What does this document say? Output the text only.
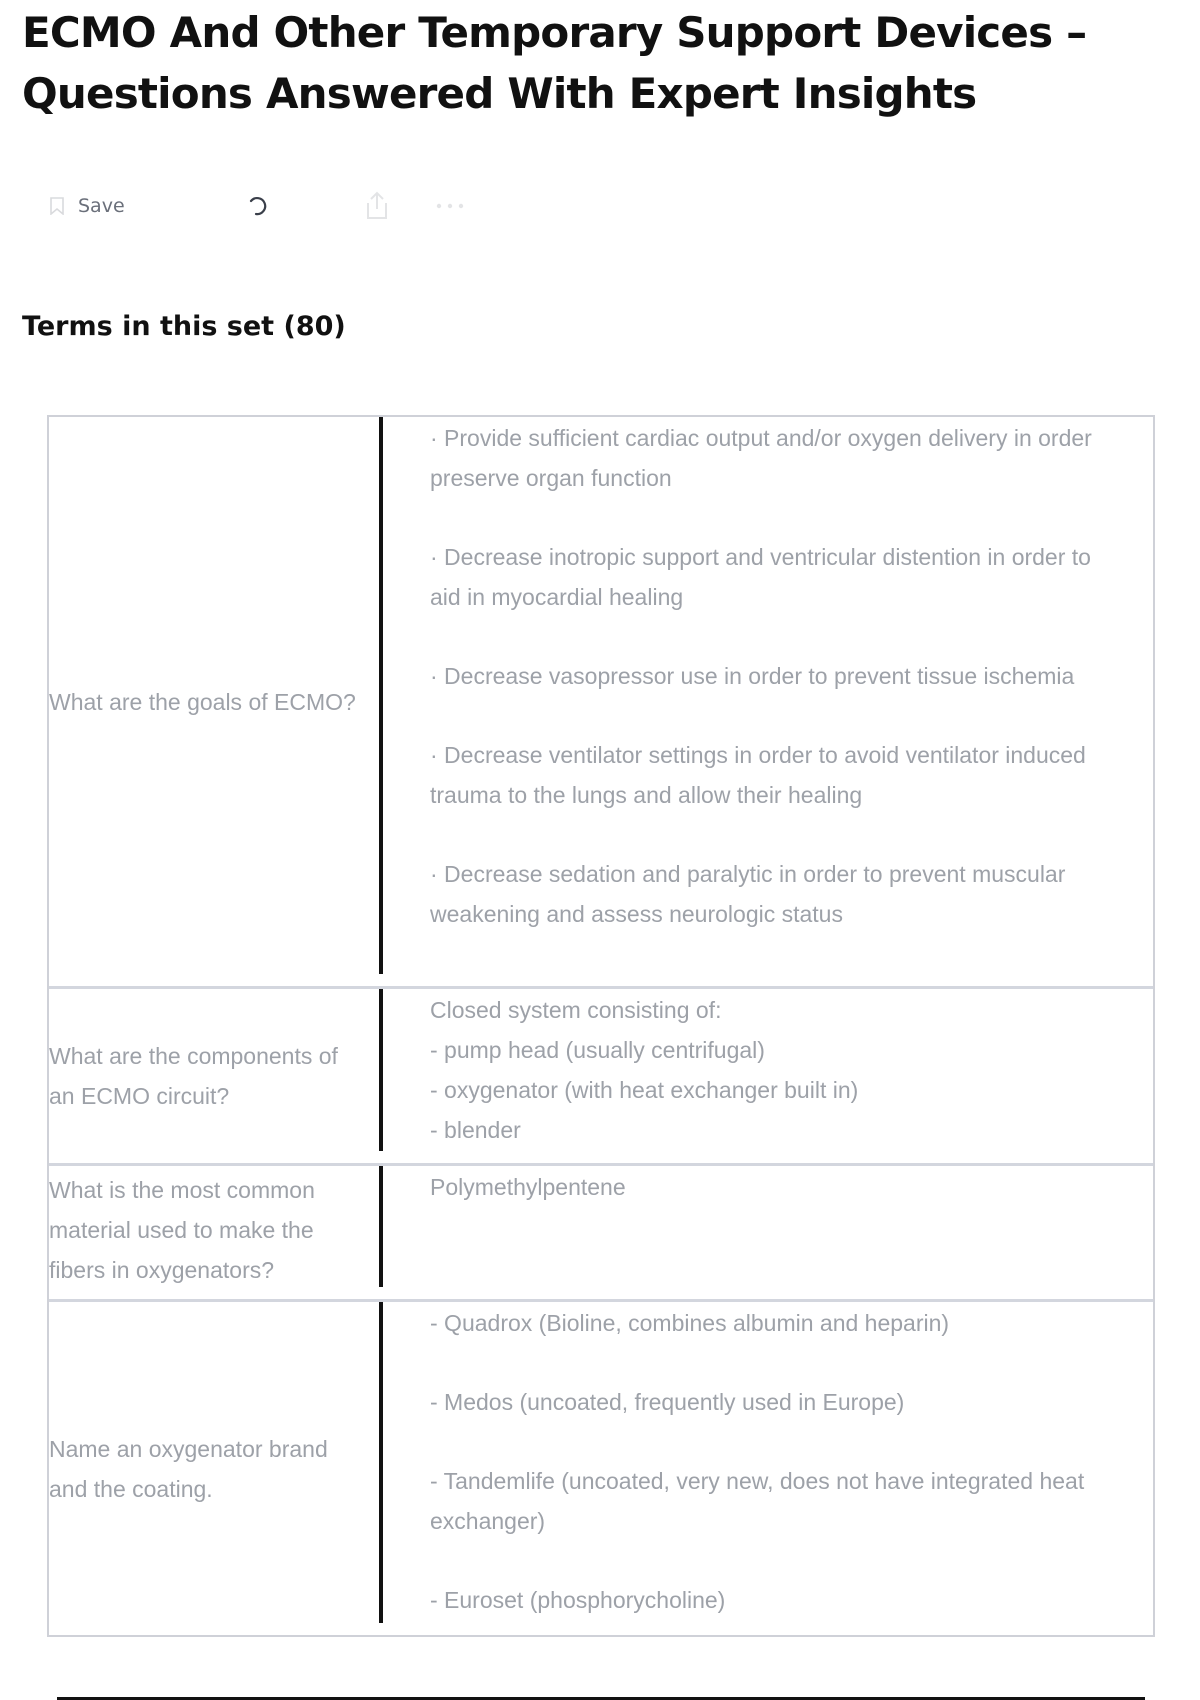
ECMO And Other Temporary Support Devices – Questions Answered With Expert Insights
Save
Terms in this set (80)
What are the goals of ECMO?
· Provide sufficient cardiac output and/or oxygen delivery in order preserve organ function
· Decrease inotropic support and ventricular distention in order to aid in myocardial healing
· Decrease vasopressor use in order to prevent tissue ischemia
· Decrease ventilator settings in order to avoid ventilator induced trauma to the lungs and allow their healing
· Decrease sedation and paralytic in order to prevent muscular weakening and assess neurologic status
What are the components of an ECMO circuit?
Closed system consisting of:
- pump head (usually centrifugal)
- oxygenator (with heat exchanger built in)
- blender
What is the most common material used to make the fibers in oxygenators?
Polymethylpentene
Name an oxygenator brand and the coating.
- Quadrox (Bioline, combines albumin and heparin)
- Medos (uncoated, frequently used in Europe)
- Tandemlife (uncoated, very new, does not have integrated heat exchanger)
- Euroset (phosphorycholine)
